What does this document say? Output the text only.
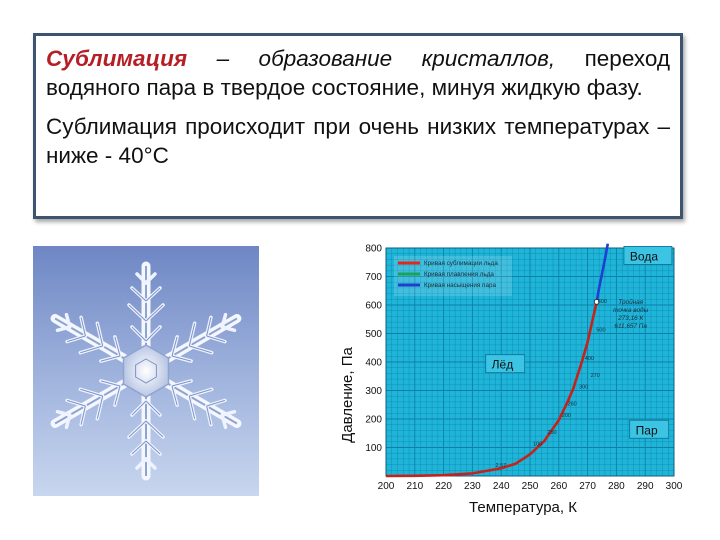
Сублимация – образование кристаллов, переход водяного пара в твердое состояние, минуя жидкую фазу.

Сублимация происходит при очень низких температурах – ниже - 40°С

200 210 220 230 240 250 260 270 280 290 300
100
200
300
400
500
600
700
800
Кривая сублимации льда
Кривая плавления льда
Кривая насыщения пара
100
200
300
400
500
600
2,57
250
260
270
Вода
Лёд
Пар
Тройная
точка воды
273,16 К
611,657 Па
Давление, Па
Температура, К
